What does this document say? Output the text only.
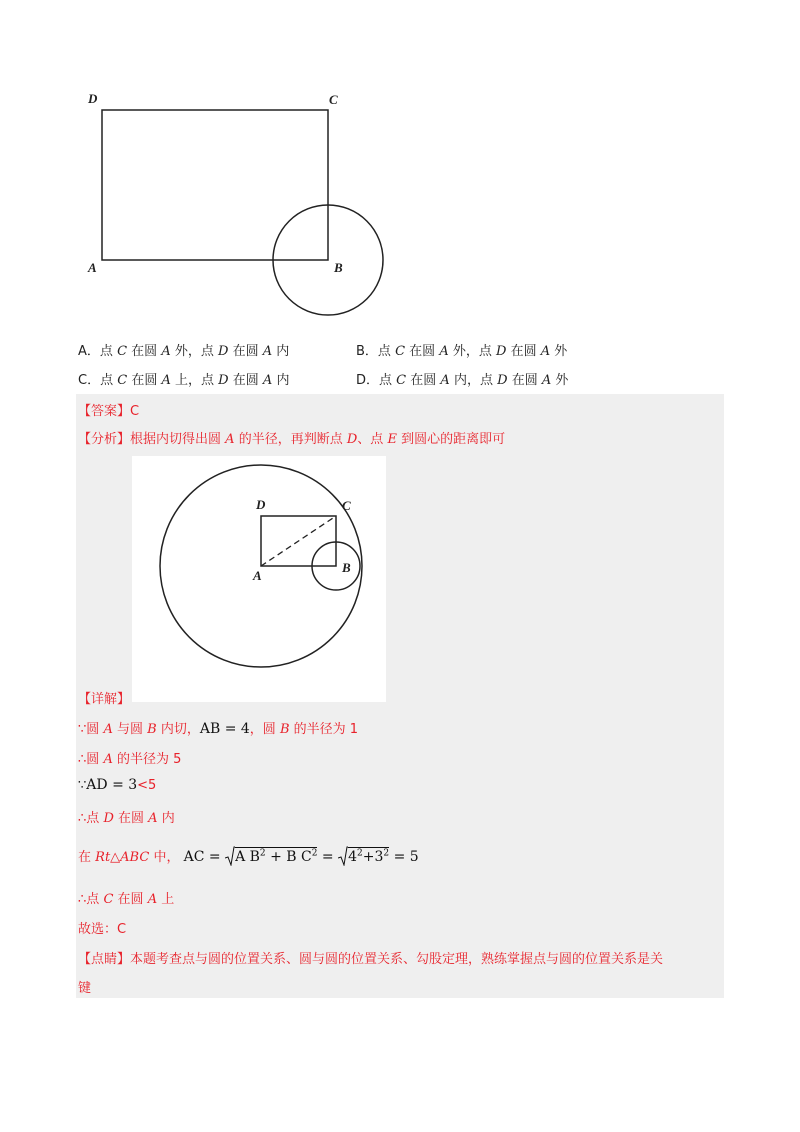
D	C
A	B
A．点 C 在圆 A 外，点 D 在圆 A 内	B．点 C 在圆 A 外，点 D 在圆 A 外
C．点 C 在圆 A 上，点 D 在圆 A 内	D．点 C 在圆 A 内，点 D 在圆 A 外
【答案】C
【分析】根据内切得出圆 A 的半径，再判断点 D、点 E 到圆心的距离即可
D	C
A
B
【详解】
∵圆 A 与圆 B 内切，AB = 4，圆 B 的半径为 1
∴圆 A 的半径为 5
∵AD = 3<5
∴点 D 在圆 A 内
在 Rt△ABC 中， AC = A $B^2 + B$ $C^2 = 4^2+3^2 = 5$
∴点 C 在圆 A 上
故选：C
【点睛】本题考查点与圆的位置关系、圆与圆的位置关系、勾股定理，熟练掌握点与圆的位置关系是关
键
